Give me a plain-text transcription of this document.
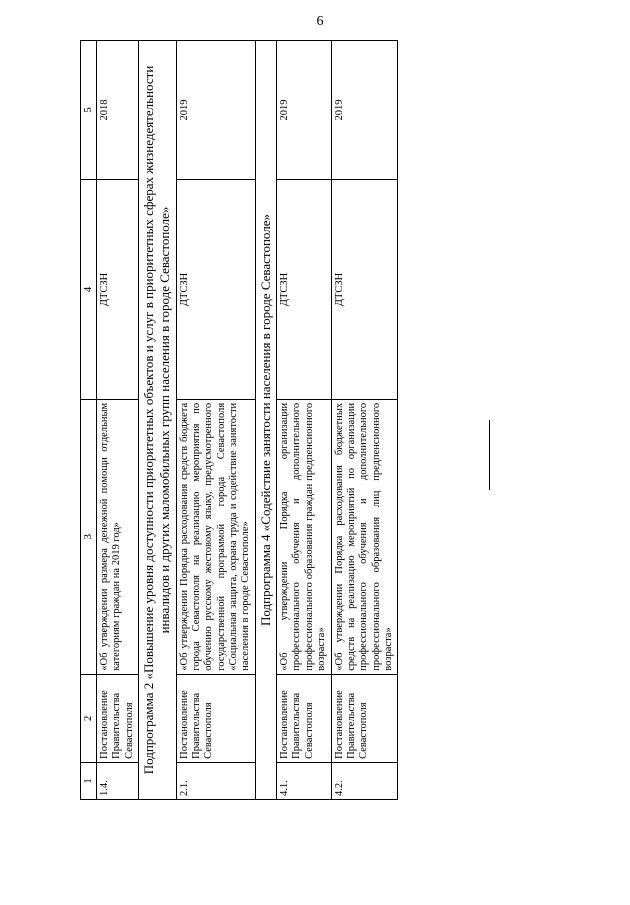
6
1	2	3	4	5
1.4.	Постановление Правительства Севастополя	«Об утверждении размера денежной помощи отдельным категориям граждан на 2019 год»	ДТСЗН	2018
Подпрограмма 2 «Повышение уровня доступности приоритетных объектов и услуг в приоритетных сферах жизнедеятельности инвалидов и других маломобильных групп населения в городе Севастополе»				
2.1.	Постановление Правительства Севастополя	«Об утверждении Порядка расходования средств бюджета города Севастополя на реализацию мероприятия по обучению русскому жестовому языку, предусмотренного государственной программой города Севастополя «Социальная защита, охрана труда и содействие занятости населения в городе Севастополе»	ДТСЗН	2019
Подпрограмма 4 «Содействие занятости населения в городе Севастополе»				
4.1.	Постановление Правительства Севастополя	«Об утверждении Порядка организации профессионального обучения и дополнительного профессионального образования граждан предпенсионного возраста»	ДТСЗН	2019
4.2.	Постановление Правительства Севастополя	«Об утверждении Порядка расходования бюджетных средств на реализацию мероприятий по организации профессионального обучения и дополнительного профессионального образования лиц предпенсионного возраста»	ДТСЗН	2019
